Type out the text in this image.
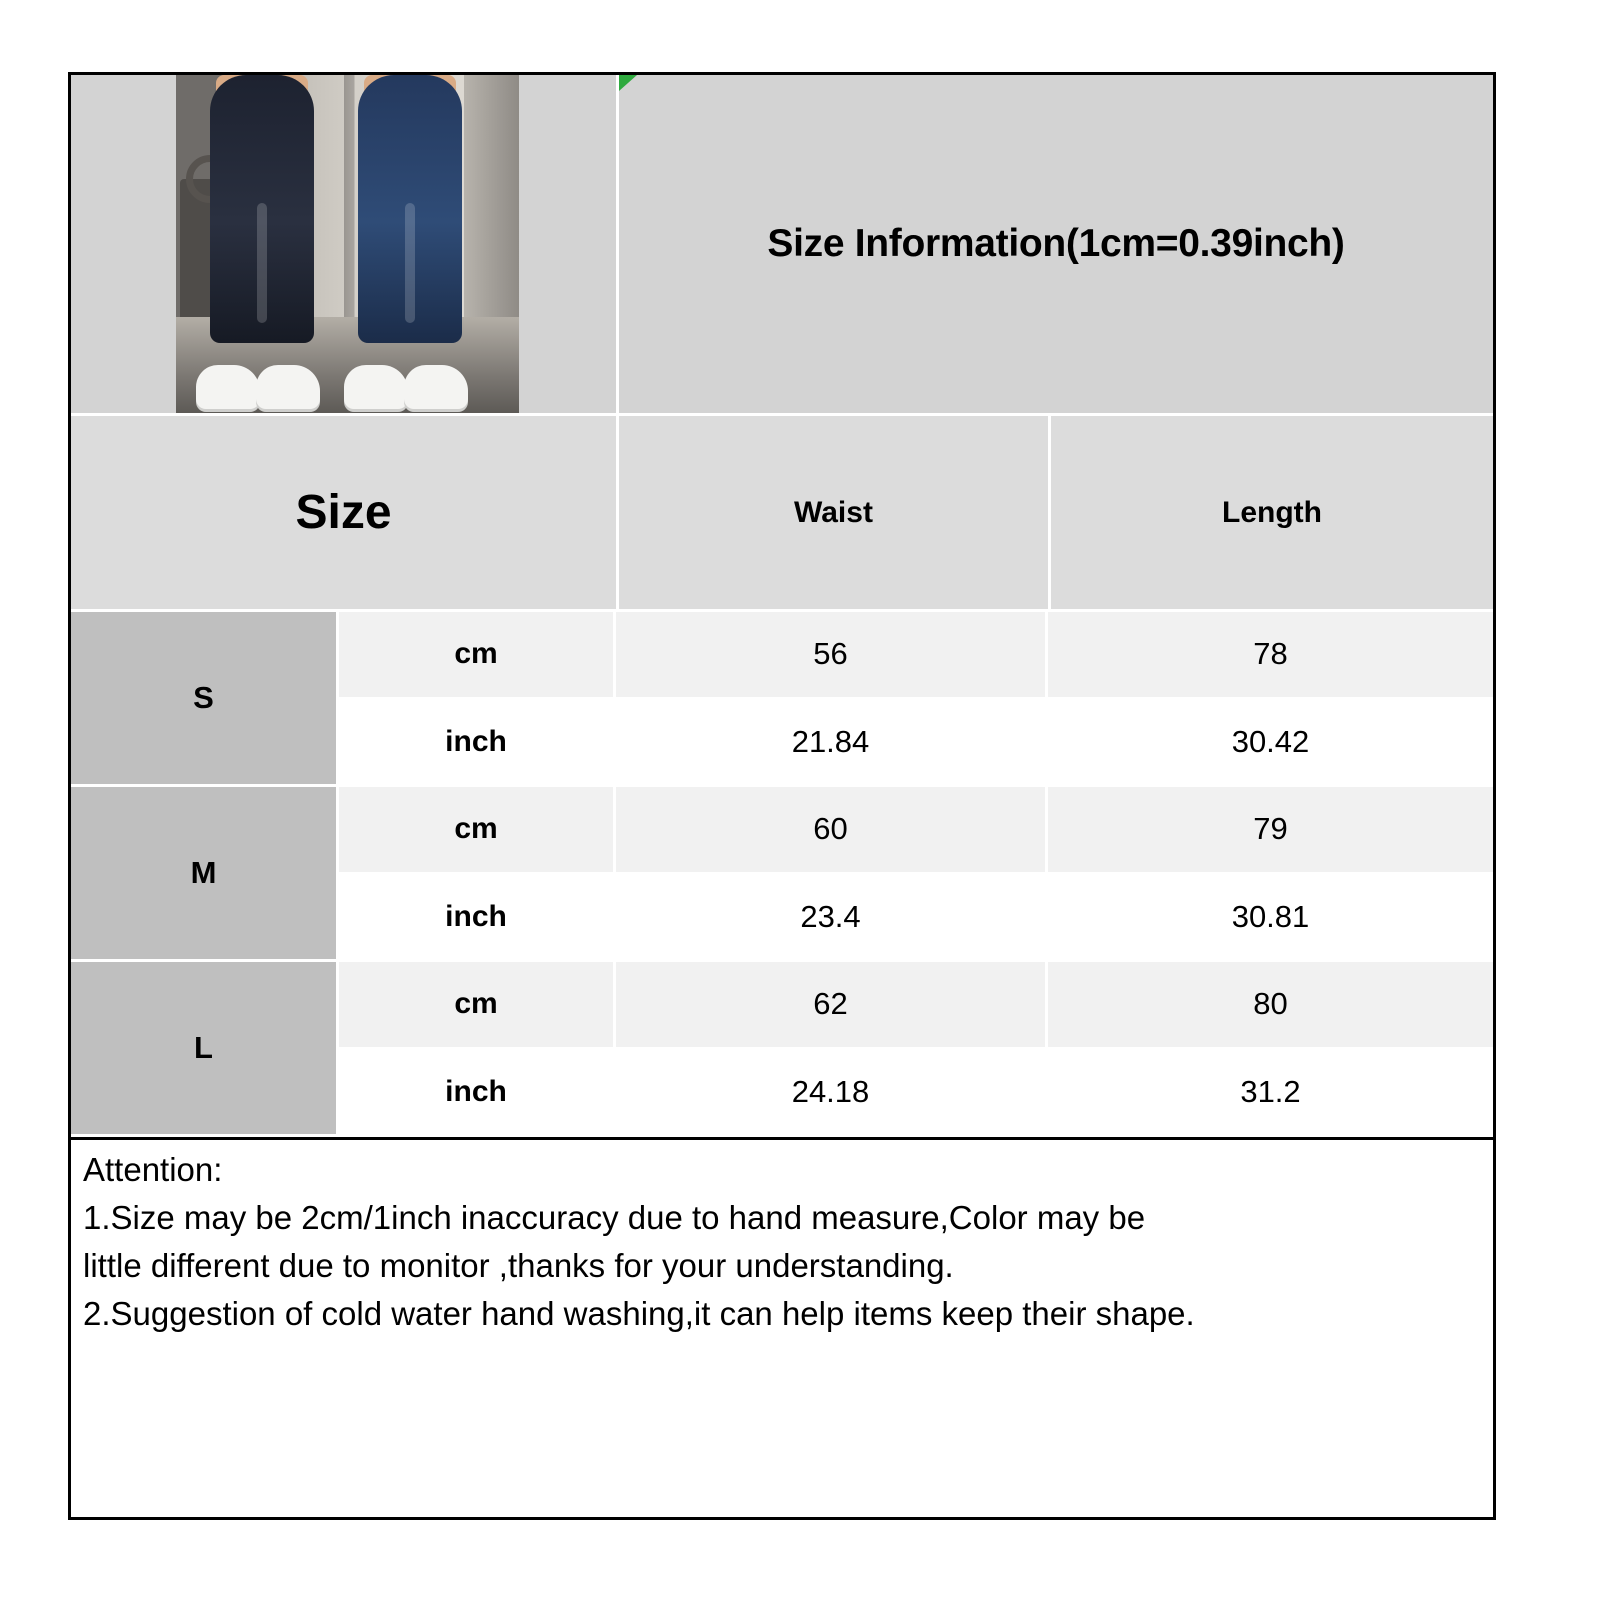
Size Information(1cm=0.39inch)
Size	Waist	Length
S
cm	56	78
inch	21.84	30.42
M
cm	60	79
inch	23.4	30.81
L
cm	62	80
inch	24.18	31.2

Attention:

1.Size may be 2cm/1inch inaccuracy due to hand measure,Color may be

little different due to monitor ,thanks for your understanding.

2.Suggestion of cold water hand washing,it can help items keep their shape.
